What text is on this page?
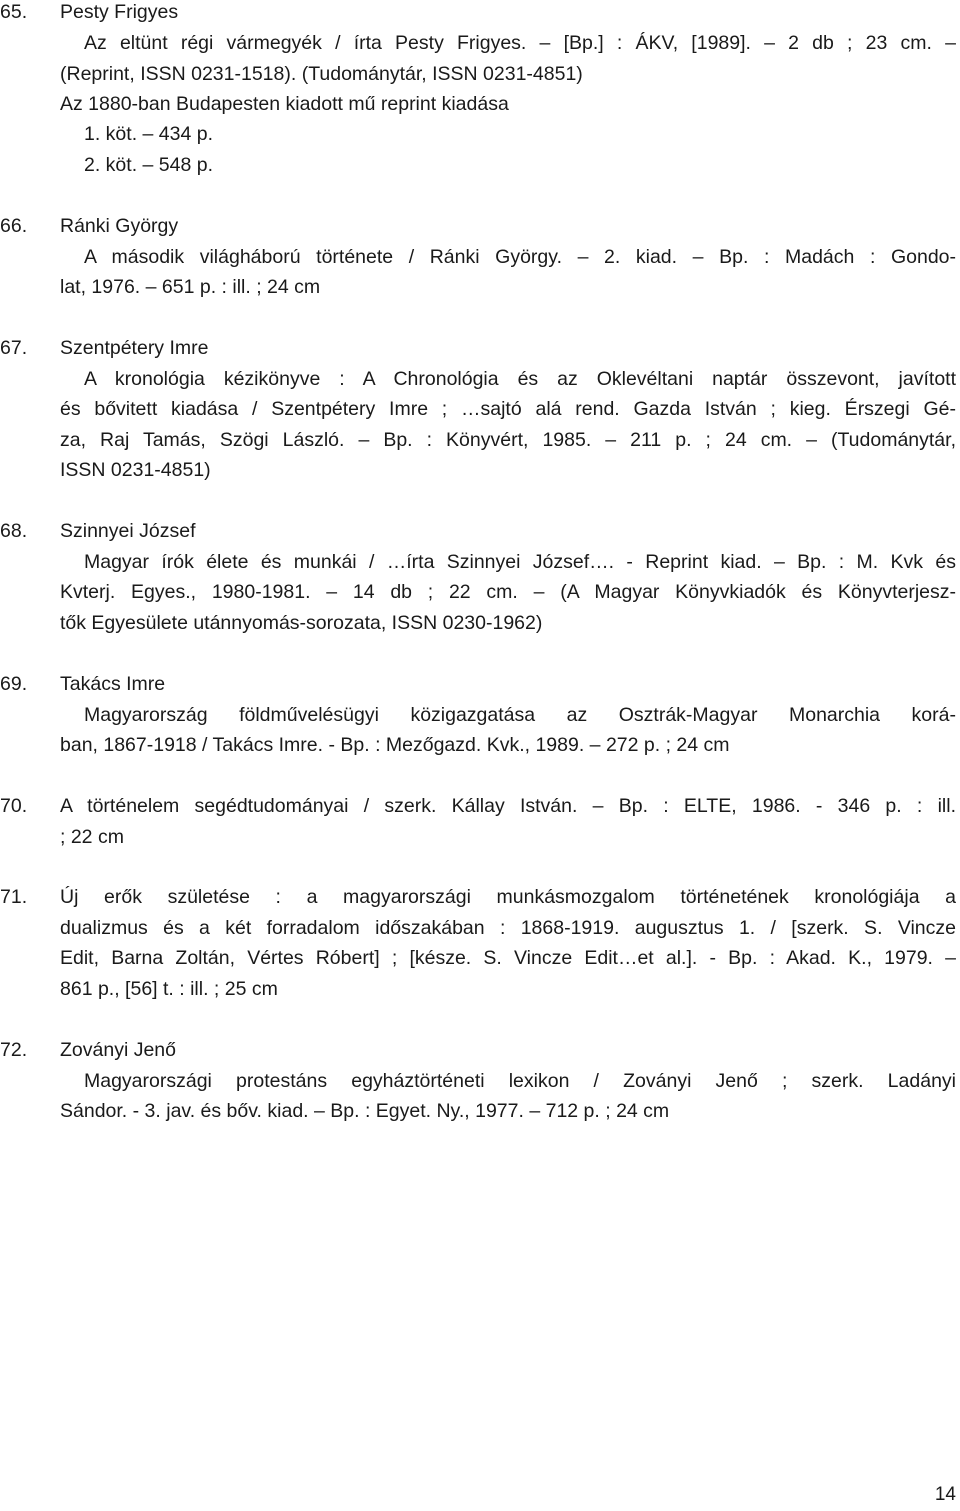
65. Pesty Frigyes
Az eltünt régi vármegyék / írta Pesty Frigyes. – [Bp.] : ÁKV, [1989]. – 2 db ; 23 cm. –
(Reprint, ISSN 0231-1518). (Tudománytár, ISSN 0231-4851)
Az 1880-ban Budapesten kiadott mű reprint kiadása
1. köt. – 434 p.
2. köt. – 548 p.
66. Ránki György
A második világháború története / Ránki György. – 2. kiad. – Bp. : Madách : Gondo-
lat, 1976. – 651 p. : ill. ; 24 cm
67. Szentpétery Imre
A kronológia kézikönyve : A Chronológia és az Oklevéltani naptár összevont, javított
és bővitett kiadása / Szentpétery Imre ; …sajtó alá rend. Gazda István ; kieg. Érszegi Gé-
za, Raj Tamás, Szögi László. – Bp. : Könyvért, 1985. – 211 p. ; 24 cm. – (Tudománytár,
ISSN 0231-4851)
68. Szinnyei József
Magyar írók élete és munkái / …írta Szinnyei József…. - Reprint kiad. – Bp. : M. Kvk és
Kvterj. Egyes., 1980-1981. – 14 db ; 22 cm. – (A Magyar Könyvkiadók és Könyvterjesz-
tők Egyesülete utánnyomás-sorozata, ISSN 0230-1962)
69. Takács Imre
Magyarország földművelésügyi közigazgatása az Osztrák-Magyar Monarchia korá-
ban, 1867-1918 / Takács Imre. - Bp. : Mezőgazd. Kvk., 1989. – 272 p. ; 24 cm
70. A történelem segédtudományai / szerk. Kállay István. – Bp. : ELTE, 1986. - 346 p. : ill.
; 22 cm
71. Új erők születése : a magyarországi munkásmozgalom történetének kronológiája a
dualizmus és a két forradalom időszakában : 1868-1919. augusztus 1. / [szerk. S. Vincze
Edit, Barna Zoltán, Vértes Róbert] ; [késze. S. Vincze Edit…et al.]. - Bp. : Akad. K., 1979. –
861 p., [56] t. : ill. ; 25 cm
72. Zoványi Jenő
Magyarországi protestáns egyháztörténeti lexikon / Zoványi Jenő ; szerk. Ladányi
Sándor. - 3. jav. és bőv. kiad. – Bp. : Egyet. Ny., 1977. – 712 p. ; 24 cm
14
